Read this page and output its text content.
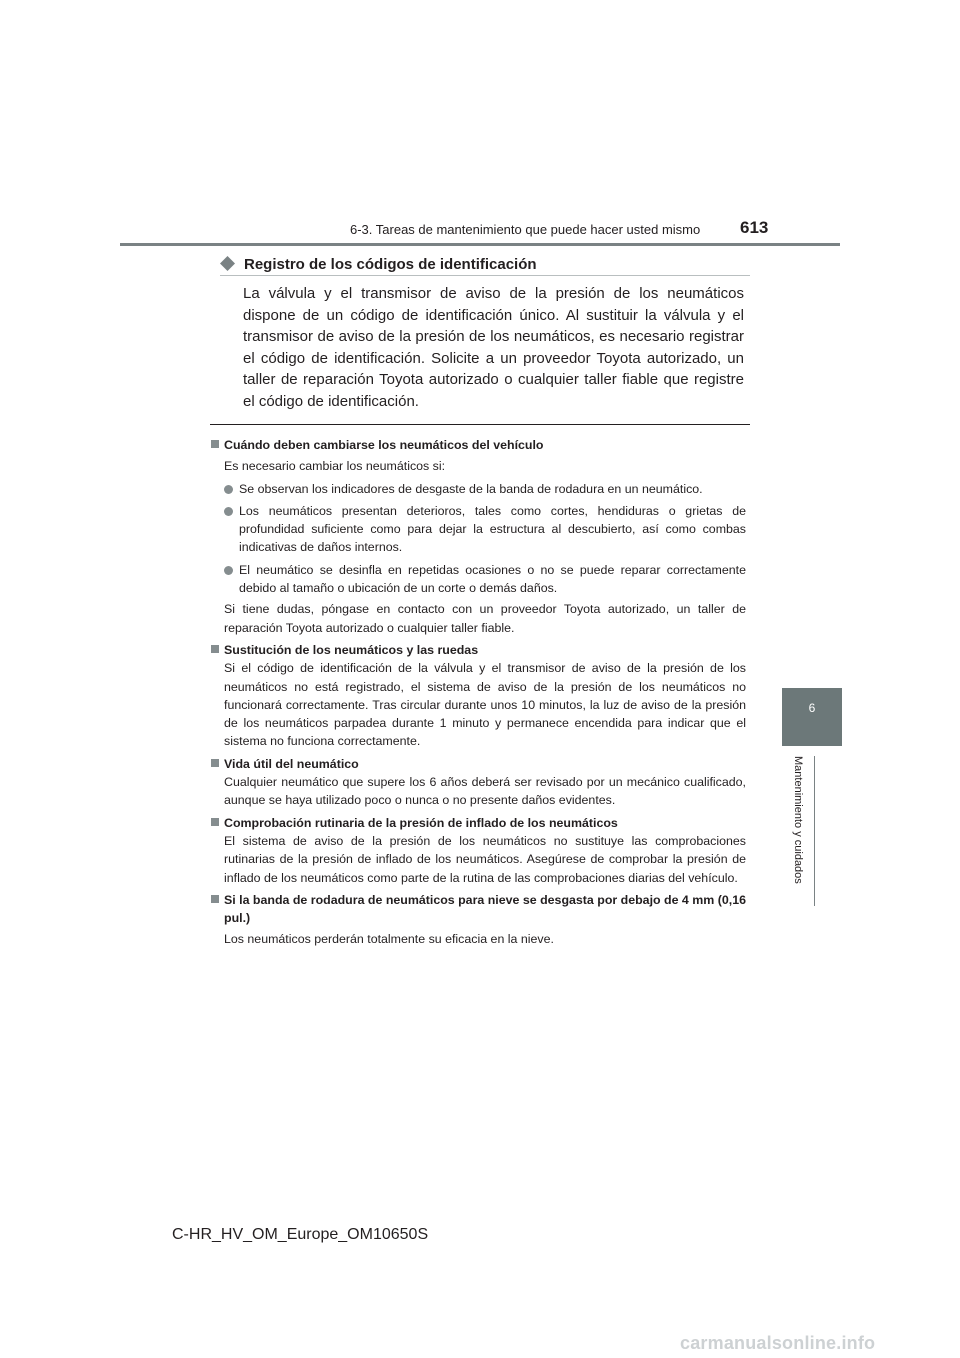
6-3. Tareas de mantenimiento que puede hacer usted mismo 613
6
Mantenimiento y cuidados
Registro de los códigos de identificación
La válvula y el transmisor de aviso de la presión de los neumáticos dispone de un código de identificación único. Al sustituir la válvula y el transmisor de aviso de la presión de los neumáticos, es necesario registrar el código de identificación. Solicite a un proveedor Toyota autorizado, un taller de reparación Toyota autorizado o cualquier taller fiable que registre el código de identificación.
Cuándo deben cambiarse los neumáticos del vehículo
Es necesario cambiar los neumáticos si:
Se observan los indicadores de desgaste de la banda de rodadura en un neumático.
Los neumáticos presentan deterioros, tales como cortes, hendiduras o grietas de profundidad suficiente como para dejar la estructura al descubierto, así como combas indicativas de daños internos.
El neumático se desinfla en repetidas ocasiones o no se puede reparar correctamente debido al tamaño o ubicación de un corte o demás daños.
Si tiene dudas, póngase en contacto con un proveedor Toyota autorizado, un taller de reparación Toyota autorizado o cualquier taller fiable.
Sustitución de los neumáticos y las ruedas
Si el código de identificación de la válvula y el transmisor de aviso de la presión de los neumáticos no está registrado, el sistema de aviso de la presión de los neumáticos no funcionará correctamente. Tras circular durante unos 10 minutos, la luz de aviso de la presión de los neumáticos parpadea durante 1 minuto y permanece encendida para indicar que el sistema no funciona correctamente.
Vida útil del neumático
Cualquier neumático que supere los 6 años deberá ser revisado por un mecánico cualificado, aunque se haya utilizado poco o nunca o no presente daños evidentes.
Comprobación rutinaria de la presión de inflado de los neumáticos
El sistema de aviso de la presión de los neumáticos no sustituye las comprobaciones rutinarias de la presión de inflado de los neumáticos. Asegúrese de comprobar la presión de inflado de los neumáticos como parte de la rutina de las comprobaciones diarias del vehículo.
Si la banda de rodadura de neumáticos para nieve se desgasta por debajo de 4 mm (0,16 pul.)
Los neumáticos perderán totalmente su eficacia en la nieve.
C-HR_HV_OM_Europe_OM10650S
carmanualsonline.info
